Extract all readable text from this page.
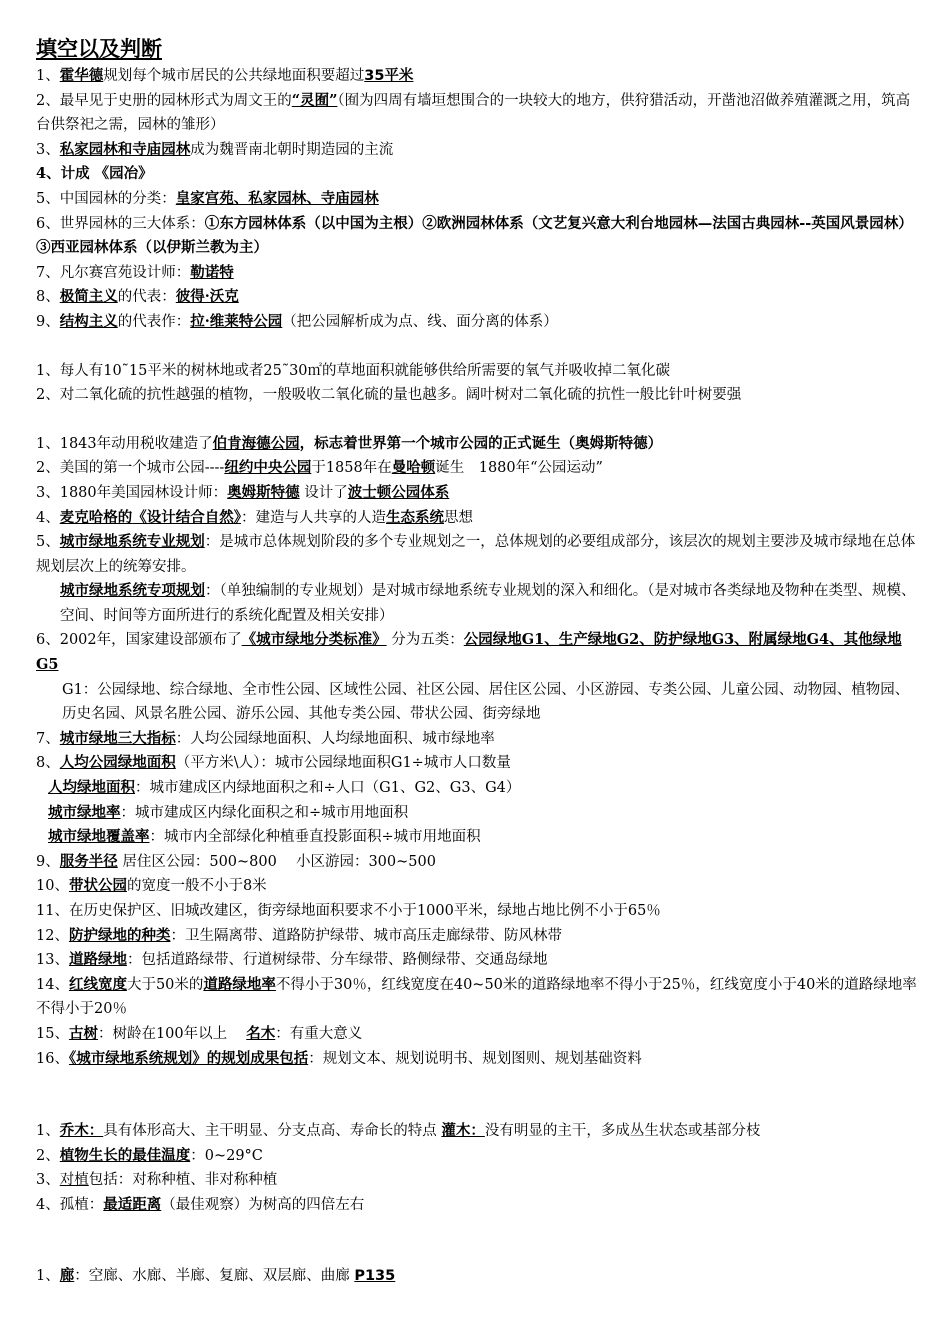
填空以及判断
1、霍华德规划每个城市居民的公共绿地面积要超过35平米
2、最早见于史册的园林形式为周文王的“灵囿”（囿为四周有墙垣想围合的一块较大的地方，供狩猎活动，开凿池沼做养殖灌溉之用，筑高台供祭祀之需，园林的雏形）
3、私家园林和寺庙园林成为魏晋南北朝时期造园的主流
4、计成 《园冶》
5、中国园林的分类：皇家宫苑、私家园林、寺庙园林
6、世界园林的三大体系：①东方园林体系（以中国为主根）②欧洲园林体系（文艺复兴意大利台地园林—法国古典园林--英国风景园林）③西亚园林体系（以伊斯兰教为主）
7、凡尔赛宫苑设计师：勒诺特
8、极简主义的代表：彼得·沃克
9、结构主义的代表作：拉·维莱特公园（把公园解析成为点、线、面分离的体系）
1、每人有10˜15平米的树林地或者25˜30㎡的草地面积就能够供给所需要的氧气并吸收掉二氧化碳
2、对二氧化硫的抗性越强的植物，一般吸收二氧化硫的量也越多。阔叶树对二氧化硫的抗性一般比针叶树要强
1、1843年动用税收建造了伯肯海德公园，标志着世界第一个城市公园的正式诞生（奥姆斯特德）
2、美国的第一个城市公园----纽约中央公园于1858年在曼哈顿诞生　1880年“公园运动”
3、1880年美国园林设计师：奥姆斯特德 设计了波士顿公园体系
4、麦克哈格的《设计结合自然》：建造与人共享的人造生态系统思想
5、城市绿地系统专业规划：是城市总体规划阶段的多个专业规划之一，总体规划的必要组成部分，该层次的规划主要涉及城市绿地在总体规划层次上的统筹安排。
城市绿地系统专项规划：（单独编制的专业规划）是对城市绿地系统专业规划的深入和细化。（是对城市各类绿地及物种在类型、规模、空间、时间等方面所进行的系统化配置及相关安排）
6、2002年，国家建设部颁布了《城市绿地分类标准》 分为五类：公园绿地G1、生产绿地G2、防护绿地G3、附属绿地G4、其他绿地G5
G1：公园绿地、综合绿地、全市性公园、区域性公园、社区公园、居住区公园、小区游园、专类公园、儿童公园、动物园、植物园、历史名园、风景名胜公园、游乐公园、其他专类公园、带状公园、街旁绿地
7、城市绿地三大指标：人均公园绿地面积、人均绿地面积、城市绿地率
8、人均公园绿地面积（平方米\人）：城市公园绿地面积G1÷城市人口数量
人均绿地面积：城市建成区内绿地面积之和÷人口（G1、G2、G3、G4）
城市绿地率：城市建成区内绿化面积之和÷城市用地面积
城市绿地覆盖率：城市内全部绿化种植垂直投影面积÷城市用地面积
9、服务半径 居住区公园：500~800　 小区游园：300~500
10、带状公园的宽度一般不小于8米
11、在历史保护区、旧城改建区，街旁绿地面积要求不小于1000平米，绿地占地比例不小于65％
12、防护绿地的种类：卫生隔离带、道路防护绿带、城市高压走廊绿带、防风林带
13、道路绿地：包括道路绿带、行道树绿带、分车绿带、路侧绿带、交通岛绿地
14、红线宽度大于50米的道路绿地率不得小于30％，红线宽度在40~50米的道路绿地率不得小于25％，红线宽度小于40米的道路绿地率不得小于20％
15、古树：树龄在100年以上　 名木：有重大意义
16、《城市绿地系统规划》的规划成果包括：规划文本、规划说明书、规划图则、规划基础资料
1、乔木：具有体形高大、主干明显、分支点高、寿命长的特点 灌木：没有明显的主干，多成丛生状态或基部分枝
2、植物生长的最佳温度：0~29°C
3、对植包括：对称种植、非对称种植
4、孤植：最适距离（最佳观察）为树高的四倍左右
1、廊：空廊、水廊、半廊、复廊、双层廊、曲廊 P135
